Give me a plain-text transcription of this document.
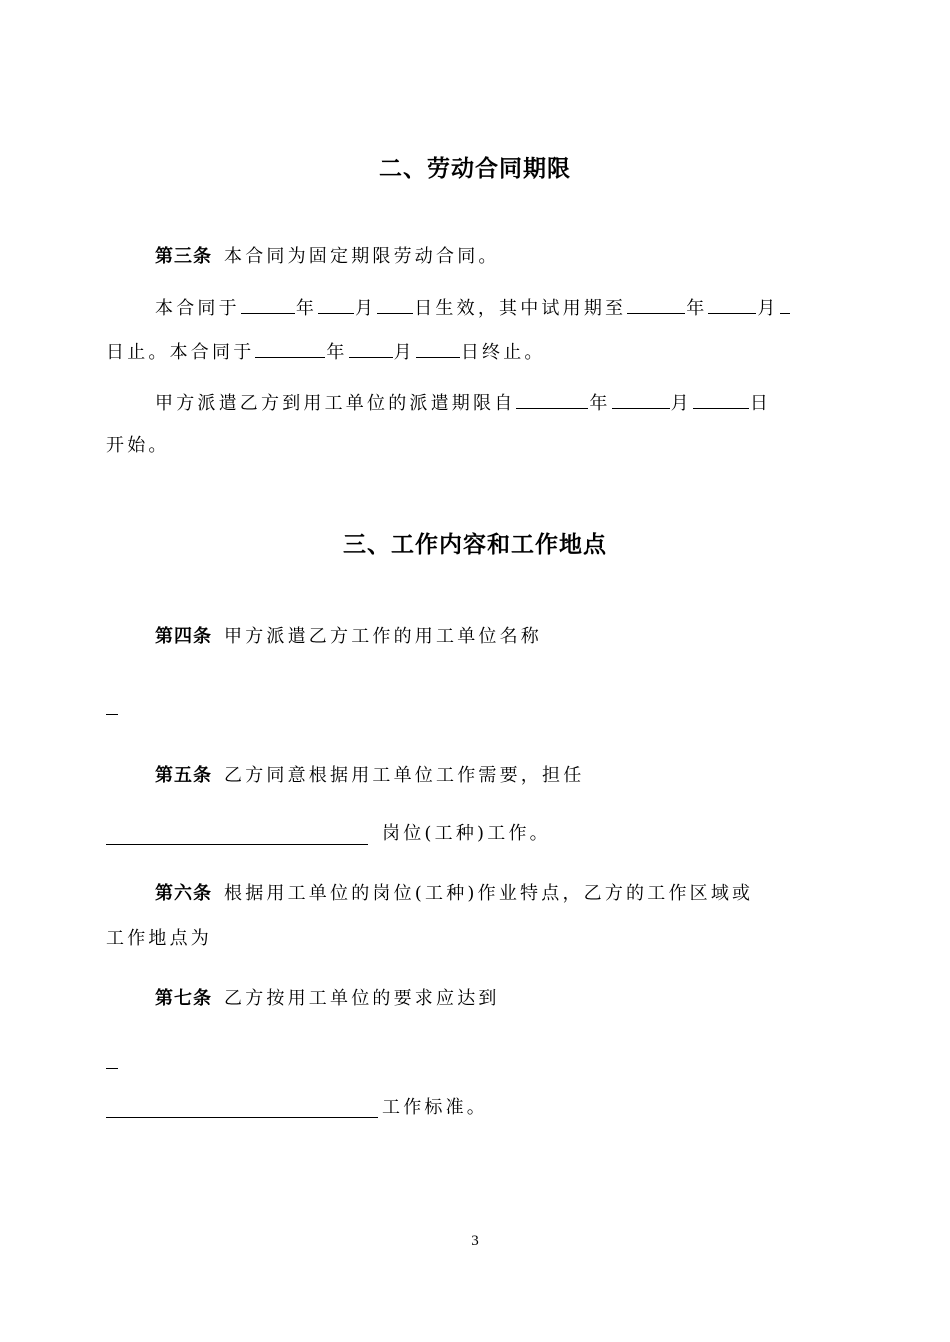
二、劳动合同期限
第三条 本合同为固定期限劳动合同。
本合同于	年 月 日生效，其中试用期至	年	月
日止。本合同于	年	月	日终止。
甲方派遣乙方到用工单位的派遣期限自	年	月	日
开始。
三、工作内容和工作地点
第四条 甲方派遣乙方工作的用工单位名称
第五条 乙方同意根据用工单位工作需要，担任
岗位(工种)工作。
第六条 根据用工单位的岗位(工种)作业特点，乙方的工作区域或
工作地点为
第七条 乙方按用工单位的要求应达到
工作标准。
3
